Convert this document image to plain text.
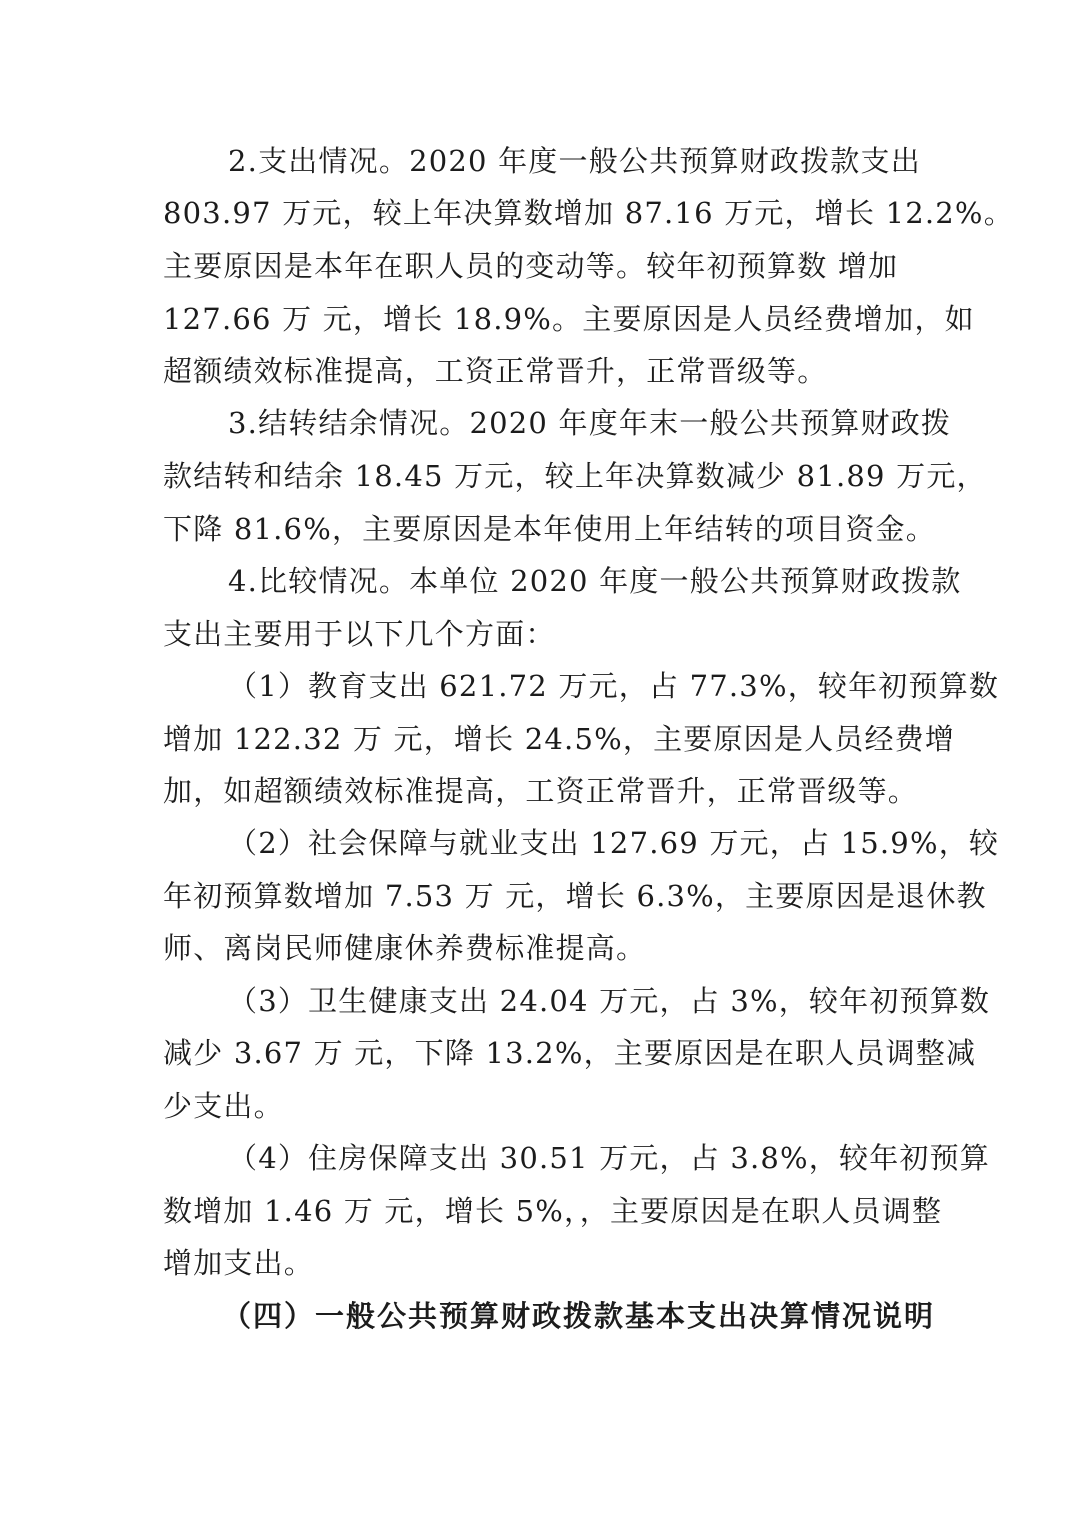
2.支出情况。2020 年度一般公共预算财政拨款支出

803.97 万元，较上年决算数增加 87.16 万元，增长 12.2%。

主要原因是本年在职人员的变动等。较年初预算数 增加

127.66 万 元，增长 18.9%。主要原因是人员经费增加，如

超额绩效标准提高，工资正常晋升，正常晋级等。

3.结转结余情况。2020 年度年末一般公共预算财政拨

款结转和结余 18.45 万元，较上年决算数减少 81.89 万元，

下降 81.6%，主要原因是本年使用上年结转的项目资金。

4.比较情况。本单位 2020 年度一般公共预算财政拨款

支出主要用于以下几个方面：

（1）教育支出 621.72 万元，占 77.3%，较年初预算数

增加 122.32 万 元，增长 24.5%，主要原因是人员经费增

加，如超额绩效标准提高，工资正常晋升，正常晋级等。

（2）社会保障与就业支出 127.69 万元，占 15.9%，较

年初预算数增加 7.53 万 元，增长 6.3%，主要原因是退休教

师、离岗民师健康休养费标准提高。

（3）卫生健康支出 24.04 万元，占 3%，较年初预算数

减少 3.67 万 元，下降 13.2%，主要原因是在职人员调整减

少支出。

（4）住房保障支出 30.51 万元，占 3.8%，较年初预算

数增加 1.46 万 元，增长 5%，，主要原因是在职人员调整

增加支出。

（四）一般公共预算财政拨款基本支出决算情况说明
